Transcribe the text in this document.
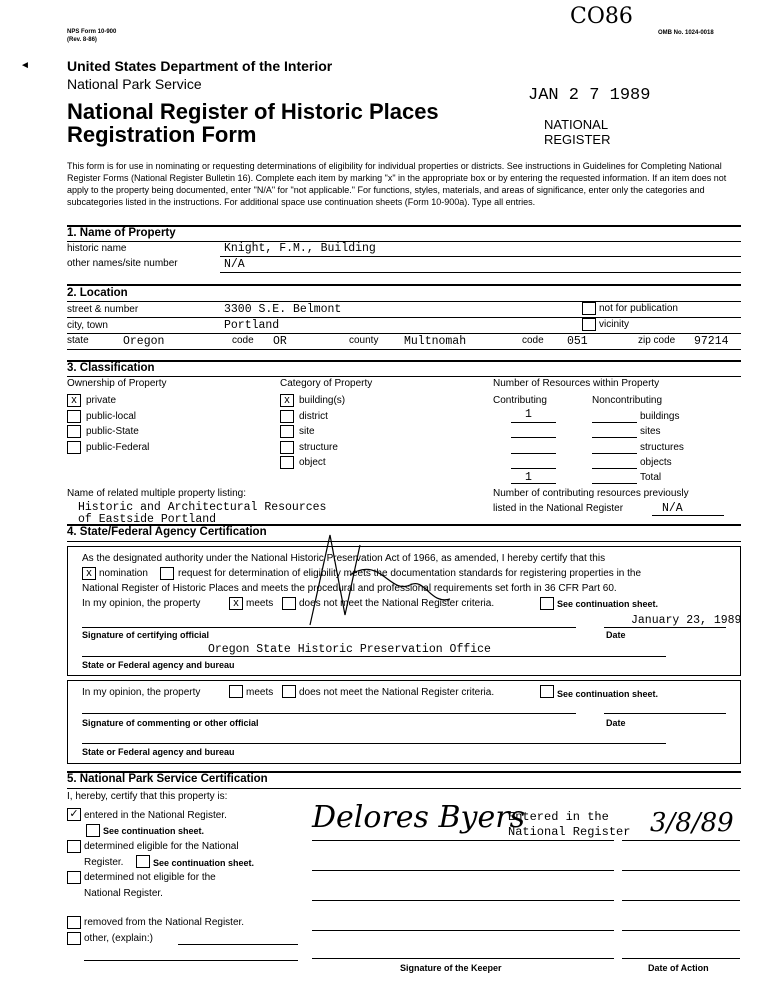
NPS Form 10-900
(Rev. 8-86)
OMB No. 1024-0018
CO86
◄	United States Department of the Interior
National Park Service
National Register of Historic Places
Registration Form
JAN 2 7 1989
NATIONAL
REGISTER
This form is for use in nominating or requesting determinations of eligibility for individual properties or districts. See instructions in Guidelines for Completing National Register Forms (National Register Bulletin 16). Complete each item by marking "x" in the appropriate box or by entering the requested information. If an item does not apply to the property being documented, enter "N/A" for "not applicable." For functions, styles, materials, and areas of significance, enter only the categories and subcategories listed in the instructions. For additional space use continuation sheets (Form 10-900a). Type all entries.
1. Name of Property
historic name	Knight, F.M., Building
other names/site number	N/A
2. Location
street & number	3300 S.E. Belmont	not for publication
city, town	Portland	vicinity
state	Oregon	code OR	county Multnomah	code 051	zip code 97214
3. Classification
Ownership of Property	Category of Property	Number of Resources within Property
x private
public-local
public-State
public-Federal
x building(s)
district
site
structure
object
Contributing	Noncontributing
1	buildings
sites
structures
objects
1	Total
Name of related multiple property listing:
Historic and Architectural Resources
of Eastside Portland
Number of contributing resources previously
listed in the National Register	N/A
4. State/Federal Agency Certification
As the designated authority under the National Historic Preservation Act of 1966, as amended, I hereby certify that this
x nomination	request for determination of eligibility meets the documentation standards for registering properties in the
National Register of Historic Places and meets the procedural and professional requirements set forth in 36 CFR Part 60.
In my opinion, the property	x meets	does not meet the National Register criteria.	See continuation sheet.
January 23, 1989
Signature of certifying official	Date
Oregon State Historic Preservation Office
State or Federal agency and bureau
In my opinion, the property	meets	does not meet the National Register criteria.	See continuation sheet.
Signature of commenting or other official	Date
State or Federal agency and bureau
5. National Park Service Certification
I, hereby, certify that this property is:
✓ entered in the National Register.
See continuation sheet.
determined eligible for the National
Register.	See continuation sheet.
determined not eligible for the
National Register.
removed from the National Register.
other, (explain:)
Delores Byers
Entered in the
National Register 3/8/89
Signature of the Keeper	Date of Action
